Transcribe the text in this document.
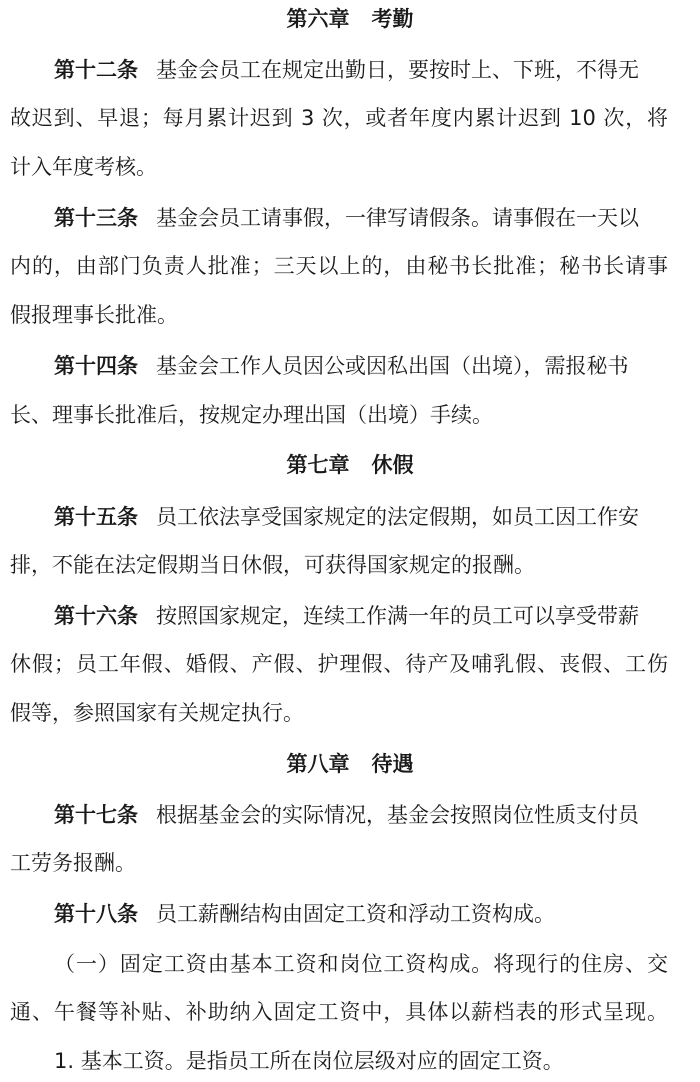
第六章 考勤
第十二条 基金会员工在规定出勤日，要按时上、下班，不得无
故迟到、早退；每月累计迟到 3 次，或者年度内累计迟到 10 次，将
计入年度考核。
第十三条 基金会员工请事假，一律写请假条。请事假在一天以
内的，由部门负责人批准；三天以上的，由秘书长批准；秘书长请事
假报理事长批准。
第十四条 基金会工作人员因公或因私出国（出境），需报秘书
长、理事长批准后，按规定办理出国（出境）手续。
第七章 休假
第十五条 员工依法享受国家规定的法定假期，如员工因工作安
排，不能在法定假期当日休假，可获得国家规定的报酬。
第十六条 按照国家规定，连续工作满一年的员工可以享受带薪
休假；员工年假、婚假、产假、护理假、待产及哺乳假、丧假、工伤
假等，参照国家有关规定执行。
第八章 待遇
第十七条 根据基金会的实际情况，基金会按照岗位性质支付员
工劳务报酬。
第十八条 员工薪酬结构由固定工资和浮动工资构成。
（一）固定工资由基本工资和岗位工资构成。将现行的住房、交
通、午餐等补贴、补助纳入固定工资中，具体以薪档表的形式呈现。
1. 基本工资。是指员工所在岗位层级对应的固定工资。
